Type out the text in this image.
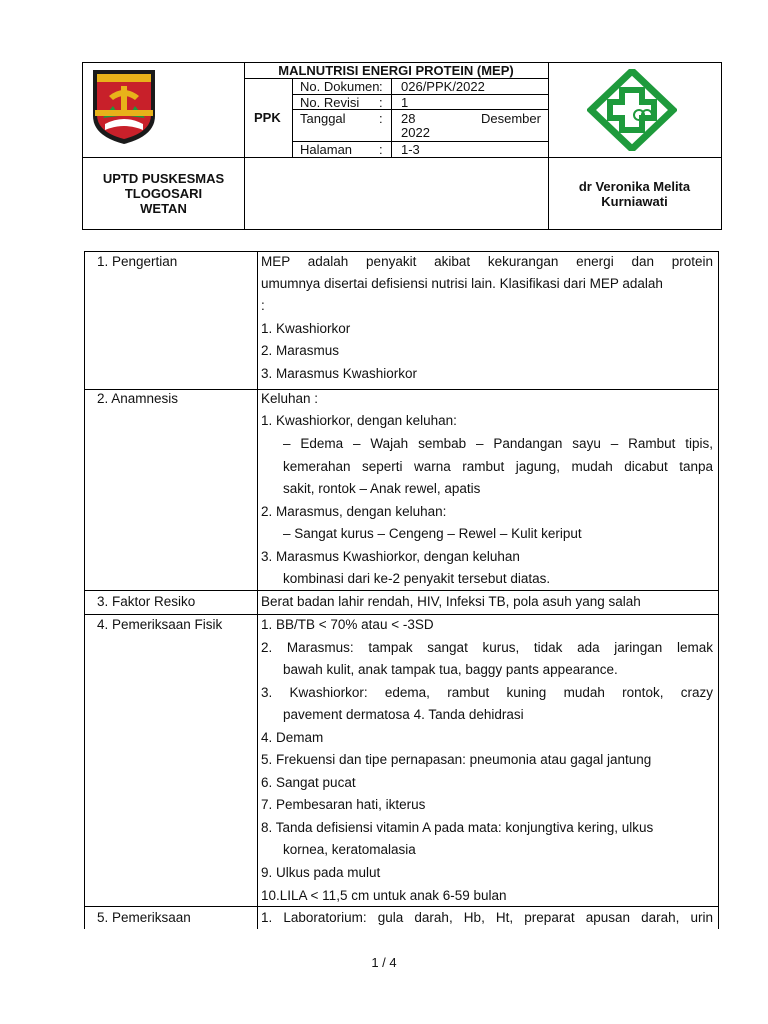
MALNUTRISI ENERGI PROTEIN (MEP)
PPK
No. Dokumen : 026/PPK/2022
No. Revisi : 1
Tanggal	: 28	Desember
2022
Halaman : 1-3
UPTD PUSKESMAS
TLOGOSARI
WETAN
dr Veronika Melita
Kurniawati
1. Pengertian	MEP adalah penyakit akibat kekurangan energi dan protein
umumnya disertai defisiensi nutrisi lain. Klasifikasi dari MEP adalah
:
1. Kwashiorkor
2. Marasmus
3. Marasmus Kwashiorkor
2. Anamnesis	Keluhan :
1. Kwashiorkor, dengan keluhan:
– Edema – Wajah sembab – Pandangan sayu – Rambut tipis,
kemerahan seperti warna rambut jagung, mudah dicabut tanpa
sakit, rontok – Anak rewel, apatis
2. Marasmus, dengan keluhan:
– Sangat kurus – Cengeng – Rewel – Kulit keriput
3. Marasmus Kwashiorkor, dengan keluhan
kombinasi dari ke-2 penyakit tersebut diatas.
3. Faktor Resiko	Berat badan lahir rendah, HIV, Infeksi TB, pola asuh yang salah
4. Pemeriksaan Fisik	1. BB/TB < 70% atau < -3SD
2. Marasmus: tampak sangat kurus, tidak ada jaringan lemak
bawah kulit, anak tampak tua, baggy pants appearance.
3. Kwashiorkor: edema, rambut kuning mudah rontok, crazy
pavement dermatosa 4. Tanda dehidrasi
4. Demam
5. Frekuensi dan tipe pernapasan: pneumonia atau gagal jantung
6. Sangat pucat
7. Pembesaran hati, ikterus
8. Tanda defisiensi vitamin A pada mata: konjungtiva kering, ulkus
kornea, keratomalasia
9. Ulkus pada mulut
10.LILA < 11,5 cm untuk anak 6-59 bulan
5. Pemeriksaan	1. Laboratorium: gula darah, Hb, Ht, preparat apusan darah, urin
1 / 4
